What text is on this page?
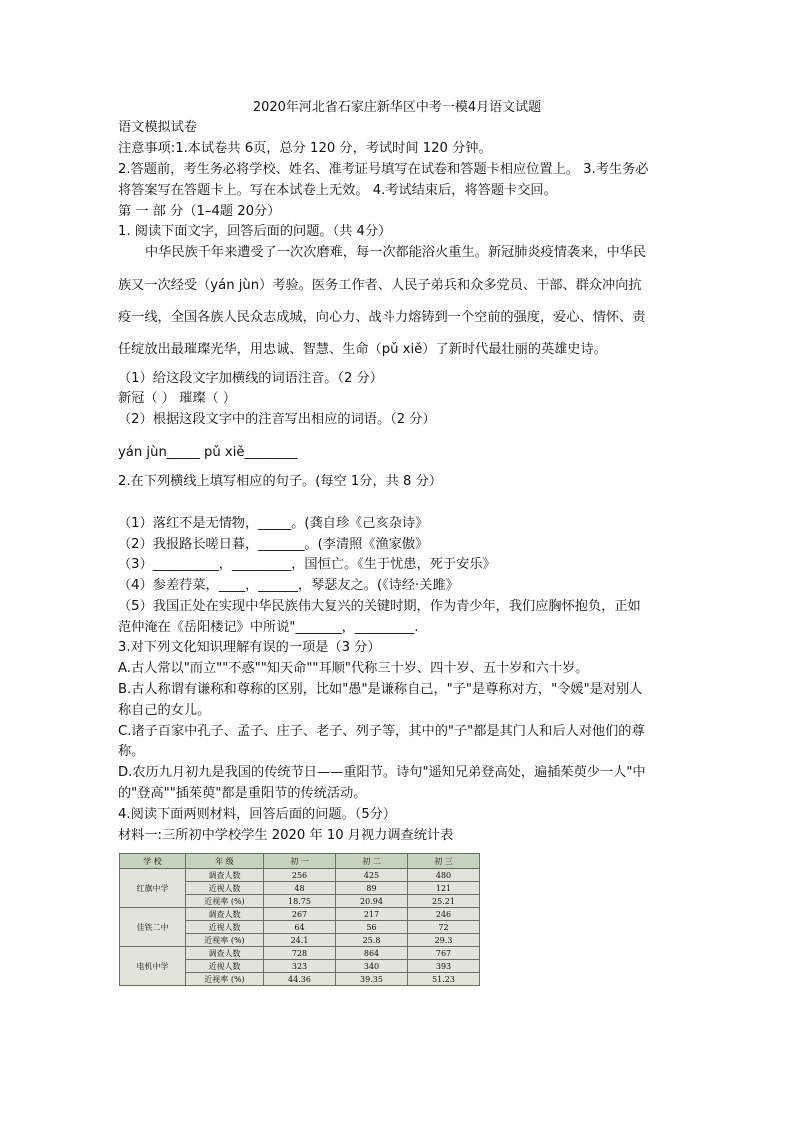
2020年河北省石家庄新华区中考一模4月语文试题
语文模拟试卷
注意事项:1.本试卷共 6页，总分 120 分，考试时间 120 分钟。
2.答题前，考生务必将学校、姓名、准考证号填写在试卷和答题卡相应位置上。 3.考生务必
将答案写在答题卡上。写在本试卷上无效。 4.考试结束后，将答题卡交回。
第 一 部 分（1–4题 20分）
1. 阅读下面文字，回答后面的问题。（共 4分）
中华民族千年来遭受了一次次磨难，每一次都能浴火重生。新冠肺炎疫情袭来，中华民
族又一次经受（yán jùn）考验。医务工作者、人民子弟兵和众多党员、干部、群众冲向抗
疫一线，全国各族人民众志成城，向心力、战斗力熔铸到一个空前的强度，爱心、情怀、责
任绽放出最璀璨光华，用忠诚、智慧、生命（pǔ xiě）了新时代最壮丽的英雄史诗。
（1）给这段文字加横线的词语注音。（2 分）
新冠（ ） 璀璨（ ）
（2）根据这段文字中的注音写出相应的词语。（2 分）
yán jùn_____ pǔ xiě________
2.在下列横线上填写相应的句子。(每空 1分，共 8 分）
（1）落红不是无情物，_____。(龚自珍《己亥杂诗》
（2）我报路长嗟日暮，_______。(李清照《渔家傲》
（3）__________，_________，国恒亡。《生于忧患，死于安乐》
（4）参差荇菜，____，______，琴瑟友之。(《诗经·关雎》
（5）我国正处在实现中华民族伟大复兴的关键时期，作为青少年，我们应胸怀抱负，正如
范仲淹在《岳阳楼记》中所说"_______，_________.
3.对下列文化知识理解有误的一项是（3 分）
A.古人常以"而立""不惑""知天命""耳顺"代称三十岁、四十岁、五十岁和六十岁。
B.古人称谓有谦称和尊称的区别，比如"愚"是谦称自己，"子"是尊称对方，"令媛"是对别人
称自己的女儿。
C.诸子百家中孔子、孟子、庄子、老子、列子等，其中的"子"都是其门人和后人对他们的尊
称。
D.农历九月初九是我国的传统节日——重阳节。诗句"遥知兄弟登高处，遍插茱萸少一人"中
的"登高""插茱萸"都是重阳节的传统活动。
4.阅读下面两则材料，回答后面的问题。（5分）
材料一:三所初中学校学生 2020 年 10 月视力调查统计表
学 校	年 级	初 一	初 二	初 三
红旗中学	调查人数	256	425	480
	近视人数	48	89	121
	近视率 (%)	18.75	20.94	25.21
佳铁二中	调查人数	267	217	246
	近视人数	64	56	72
	近视率 (%)	24.1	25.8	29.3
电机中学	调查人数	728	864	767
	近视人数	323	340	393
	近视率 (%)	44.36	39.35	51.23
